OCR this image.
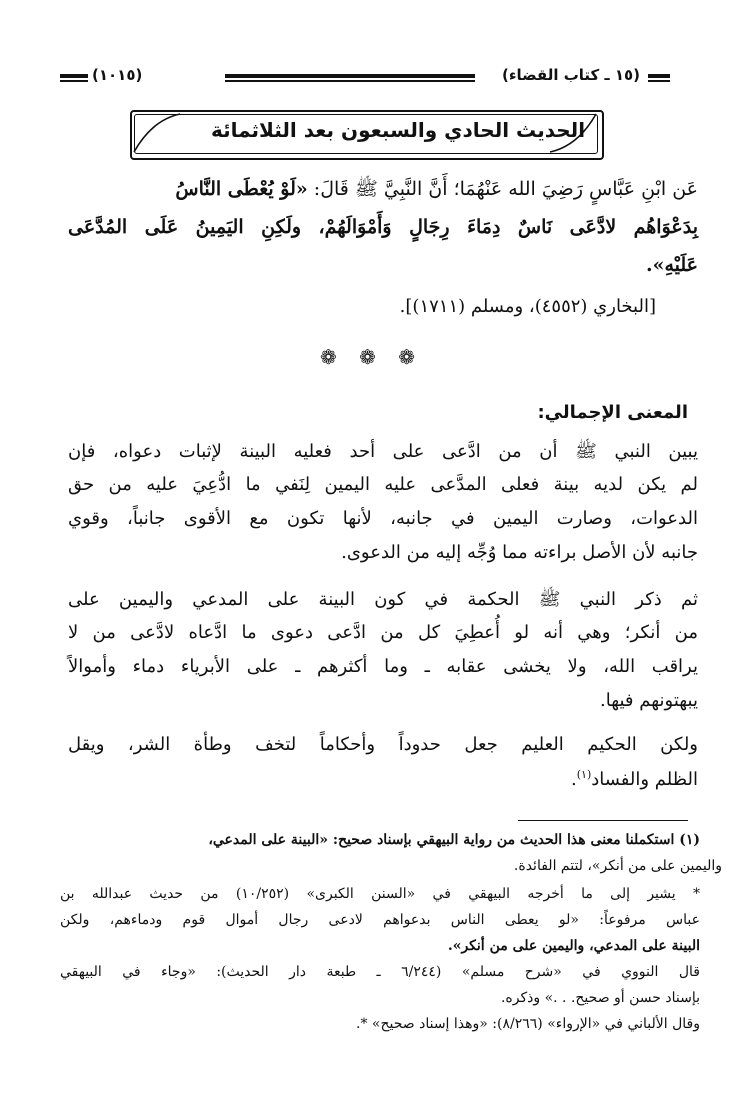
(١٥ ـ كتاب القضاء)
(١٠١٥)
الحديث الحادي والسبعون بعد الثلاثمائة
عَن ابْنِ عَبَّاسٍ رَضِيَ الله عَنْهُمَا؛ أَنَّ النَّبِيَّ ﷺ قَالَ: «لَوْ يُعْطَى النَّاسُ
بِدَعْوَاهُم لادَّعَى نَاسٌ دِمَاءَ رِجَالٍ وَأَمْوَالَهُمْ، ولَكِنِ اليَمِينُ عَلَى المُدَّعَى
عَلَيْهِ».
[البخاري (٤٥٥٢)، ومسلم (١٧١١)].
❁ ❁ ❁
المعنى الإجمالي:
يبين النبي ﷺ أن من ادَّعى على أحد فعليه البينة لإثبات دعواه، فإن
لم يكن لديه بينة فعلى المدَّعى عليه اليمين لِنَفي ما ادُّعِيَ عليه من حق
الدعوات، وصارت اليمين في جانبه، لأنها تكون مع الأقوى جانباً، وقوي
جانبه لأن الأصل براءته مما وُجِّه إليه من الدعوى.
ثم ذكر النبي ﷺ الحكمة في كون البينة على المدعي واليمين على
من أنكر؛ وهي أنه لو أُعطِيَ كل من ادَّعى دعوى ما ادَّعاه لادَّعى من لا
يراقب الله، ولا يخشى عقابه ـ وما أكثرهم ـ على الأبرياء دماء وأموالاً
يبهتونهم فيها.
ولكن الحكيم العليم جعل حدوداً وأحكاماً لتخف وطأة الشر، ويقل
الظلم والفساد$^{(١)}$.
(١) استكملنا معنى هذا الحديث من رواية البيهقي بإسناد صحيح: «البينة على المدعي،
والیمین على من أنكر»، لتتم الفائدة.
* يشير إلى ما أخرجه البيهقي في «السنن الكبرى» (١٠/٢٥٢) من حديث عبدالله بن
عباس مرفوعاً: «لو يعطى الناس بدعواهم لادعى رجال أموال قوم ودماءهم، ولكن
البينة على المدعي، واليمين على من أنكر».
قال النووي في «شرح مسلم» (٦/٢٤٤ ـ طبعة دار الحديث): «وجاء في البيهقي
بإسناد حسن أو صحيح. . .» وذكره.
وقال الألباني في «الإرواء» (٨/٢٦٦): «وهذا إسناد صحيح» *.
